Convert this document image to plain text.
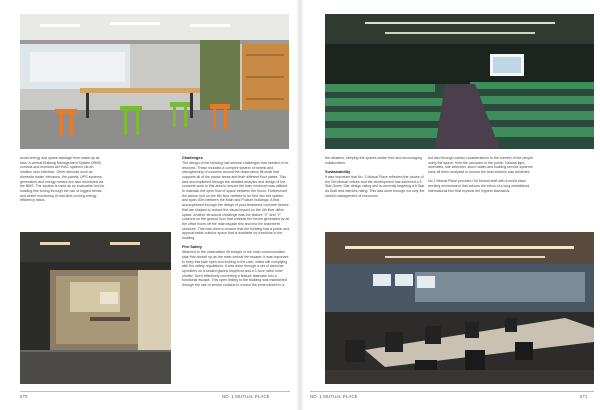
avoid energy and space wastage from make-up air fans. A central Building Management System (BMS) controls and monitors all HVAC systems via an intuitive user interface. Other services such as domestic water, elevators, fire panels, UPS systems, generators and energy meters are also monitored via the BMS. The system is used as an invaluable tool for building fine tuning through the use of logged trends and active monitoring of real-time cooling energy efficiency ratios.

Challenges

The design of the building had several challenges that needed to be resolved. These included a complex system of beams and strengthening of columns around the observation lift shaft that supports all of the pause areas and their different floor plates. This was accomplished through the detailed analysis and design of the concrete work in this area to ensure the bare minimum was utilised to maintain the open flow of space between the floors. Furthermore, the atrium roof on the 5th floor needed to be tied into this system and span 20m between the Main and Podium buildings. A feat accomplished through the design of post-tensioned concrete beams that are shaped to reduce the visual impact on the 4th floor office space. Another structural challenge was the feature "V" and "Y" columns on the ground floor that channel the forces generated by all the office floors off the main façade line and into the basement structure. This was done to ensure that the building has a public and approachable outdoor space that is available for functions in the building.

Fire Safety

Attached to the observation lift bridges is the main communication stair that double up as the main central fire escape. It was important to keep this stair open and inviting to the user, whilst still complying with the safety regulations. It was done through a set of drencher sprinklers on a sealed glazed shopfront and a 3-hour rated roller shutter. Such effectively converting a feature staircase into a functional escape. This open linking to the building was maintained through the use of smoke curtains to control the environment in a

570	NO. 1 MUTUAL PLACE

fire situation, keeping the spaces clutter free and encouraging collaboration.

Sustainability

It was important that No. 1 Mutual Place reflected the values of the Old Mutual culture and the development has achieved a 5 Star Green Star design rating and is currently targeting a 5 Star As Built and interiors rating. This was done through not only the careful management of resources

but also through careful considerations to the comfort of the people using the space; from the occupant to the public. Natural light, amenities, site selection, storm water and building service systems have all been analysed to ensure the best solution was achieved.

No.1 Mutual Place provides Old Mutual staff with a world class working environment that echoes the ethos of a long established, international firm that expects the highest standards.

NO. 1 MUTUAL PLACE	571
